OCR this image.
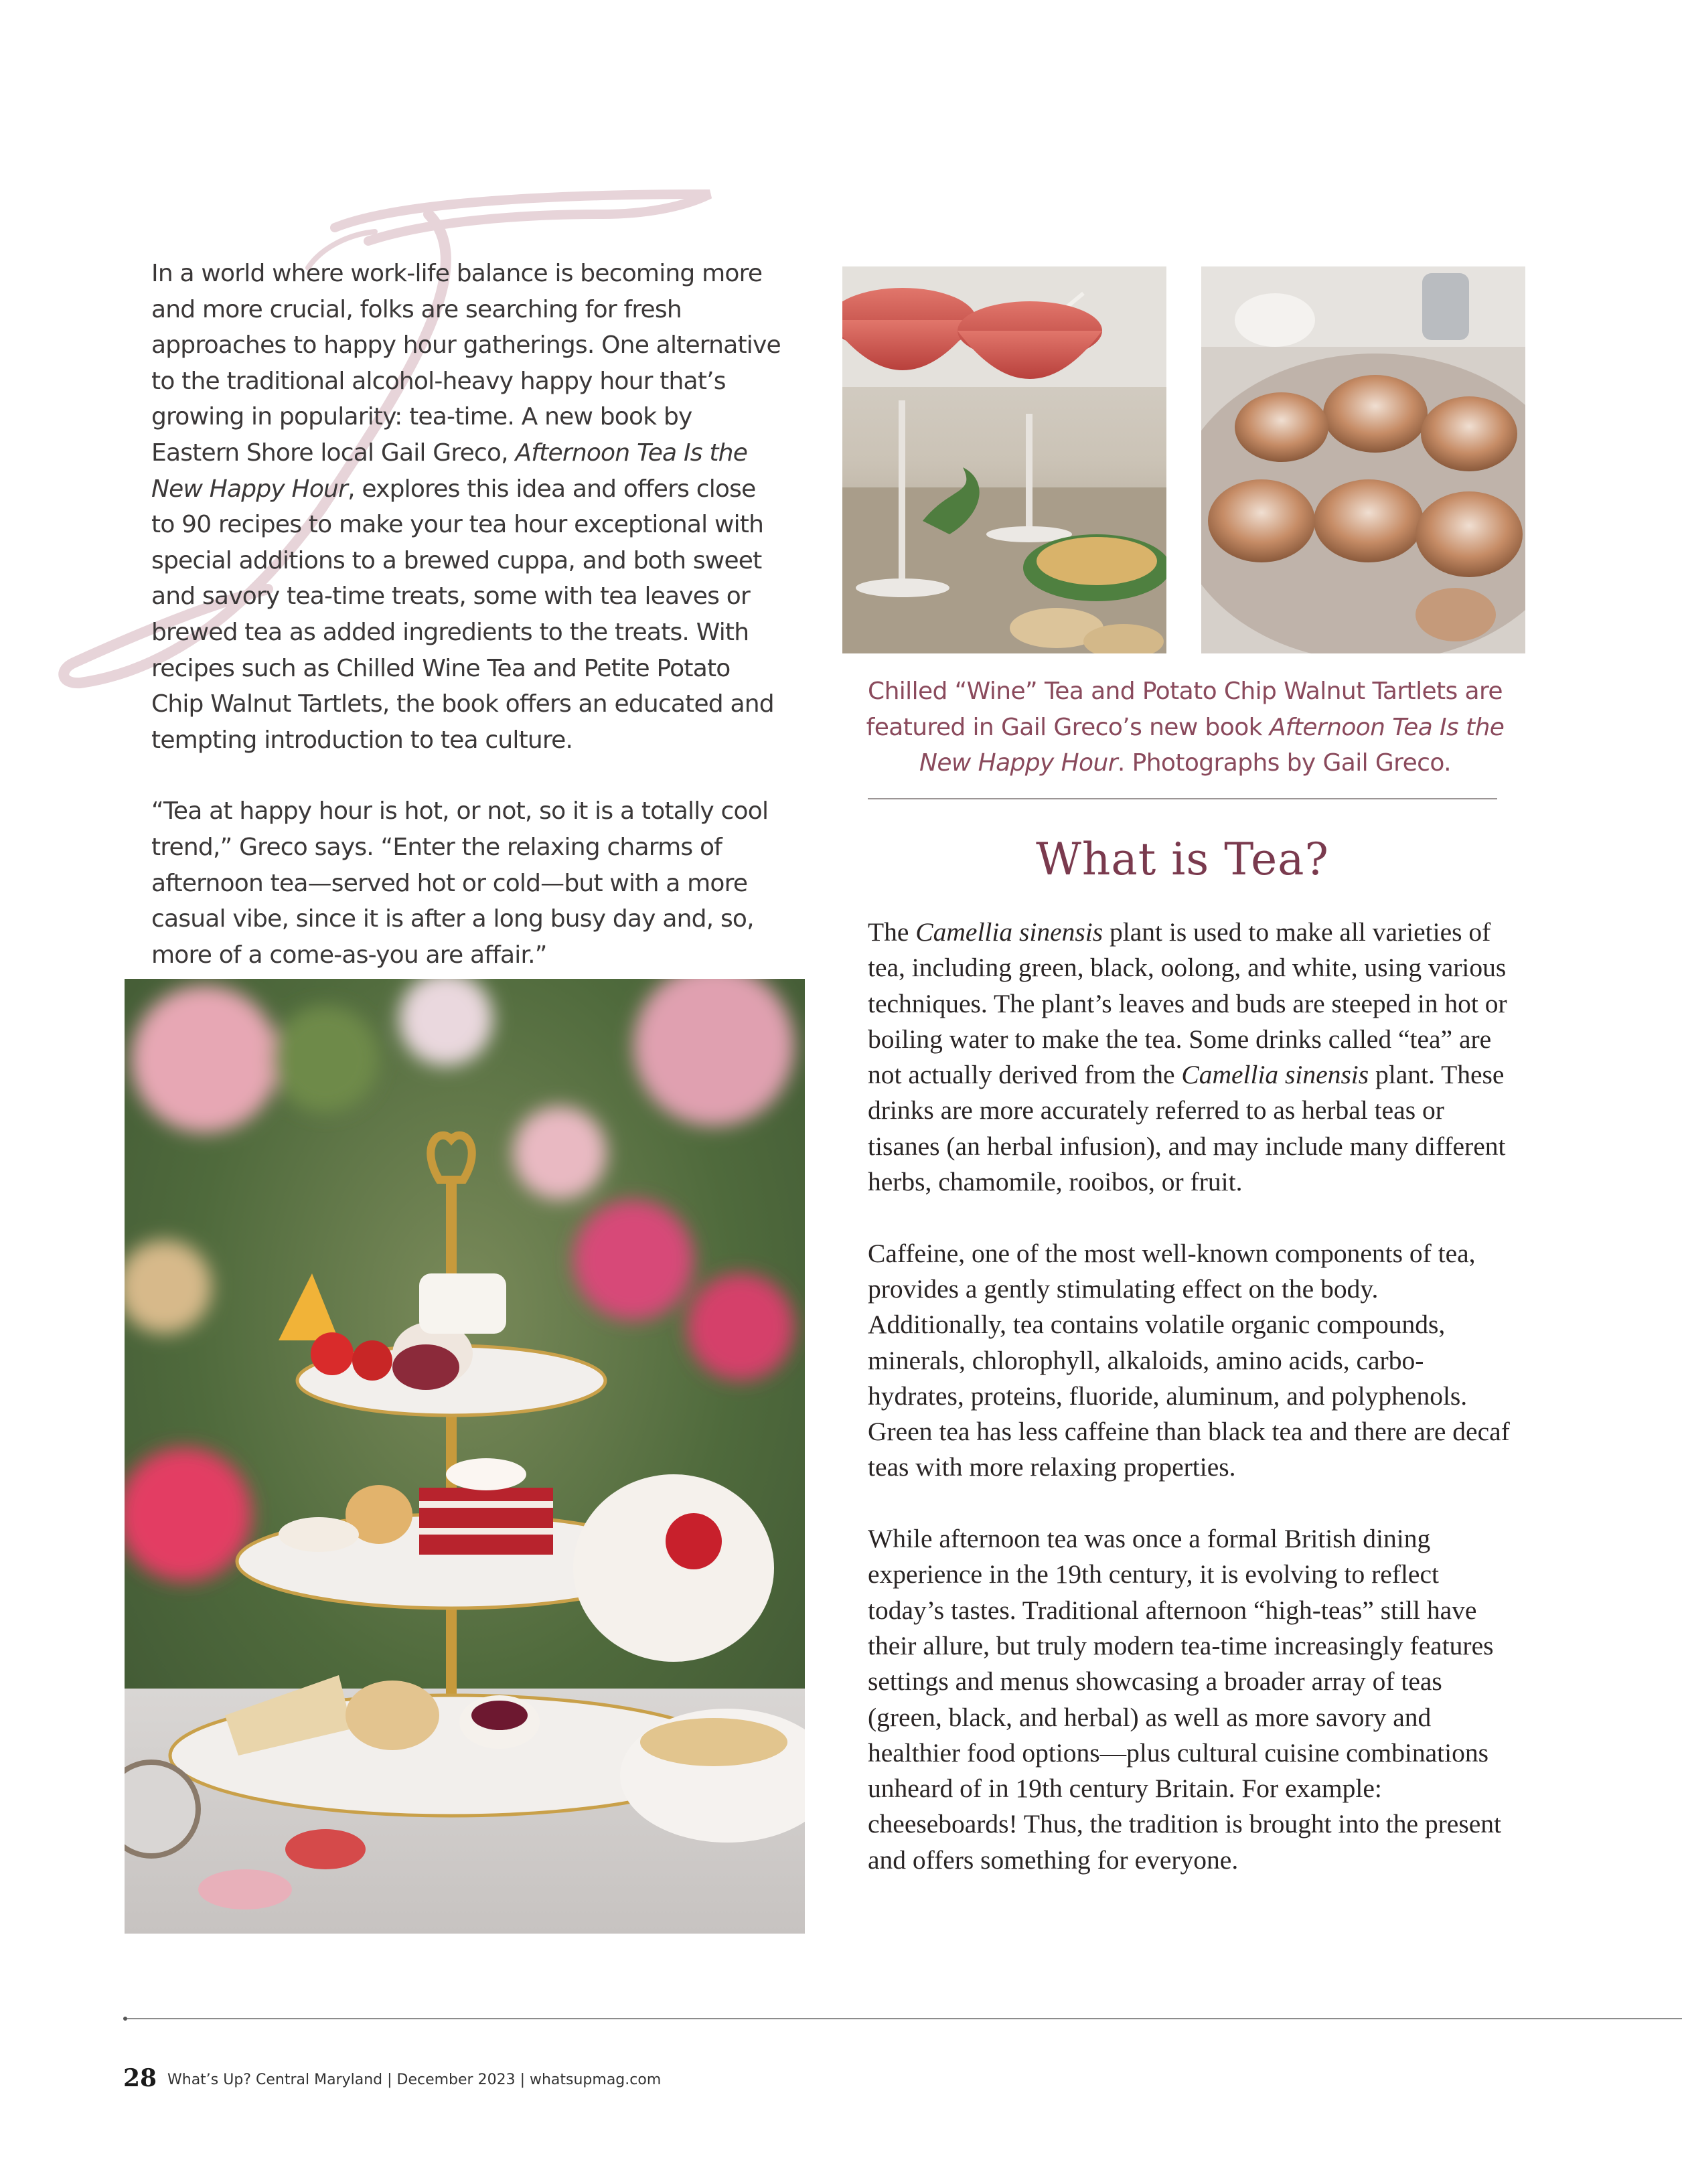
In a world where work-life balance is becoming more and more crucial, folks are searching for fresh approaches to happy hour gatherings. One alternative to the traditional alcohol-heavy happy hour that’s growing in popularity: tea-time. A new book by Eastern Shore local Gail Greco, Afternoon Tea Is the New Happy Hour, explores this idea and offers close to 90 recipes to make your tea hour exceptional with special additions to a brewed cuppa, and both sweet and savory tea-time treats, some with tea leaves or brewed tea as added ingredients to the treats. With recipes such as Chilled Wine Tea and Petite Potato Chip Walnut Tartlets, the book offers an educated and tempting introduction to tea culture.

“Tea at happy hour is hot, or not, so it is a totally cool trend,” Greco says. “Enter the relaxing charms of afternoon tea—served hot or cold—but with a more casual vibe, since it is after a long busy day and, so, more of a come-as-you are affair.”

Chilled “Wine” Tea and Potato Chip Walnut Tartlets are featured in Gail Greco’s new book Afternoon Tea Is the New Happy Hour. Photographs by Gail Greco.
What is Tea?

The Camellia sinensis plant is used to make all varieties of tea, including green, black, oolong, and white, using various techniques. The plant’s leaves and buds are steeped in hot or boiling water to make the tea. Some drinks called “tea” are not actually derived from the Camellia sinensis plant. These drinks are more accurately referred to as herbal teas or tisanes (an herbal infusion), and may include many different herbs, chamomile, rooibos, or fruit.

Caffeine, one of the most well-known components of tea, provides a gently stimulating effect on the body. Additionally, tea contains volatile organic compounds, minerals, chlorophyll, alkaloids, amino acids, carbohydrates, proteins, fluoride, aluminum, and polyphenols. Green tea has less caffeine than black tea and there are decaf teas with more relaxing properties.

While afternoon tea was once a formal British dining experience in the 19th century, it is evolving to reflect today’s tastes. Traditional afternoon “high-teas” still have their allure, but truly modern tea-time increasingly features settings and menus showcasing a broader array of teas (green, black, and herbal) as well as more savory and healthier food options—plus cultural cuisine combinations unheard of in 19th century Britain. For example: cheeseboards! Thus, the tradition is brought into the present and offers something for everyone.

28 What’s Up? Central Maryland | December 2023 | whatsupmag.com
